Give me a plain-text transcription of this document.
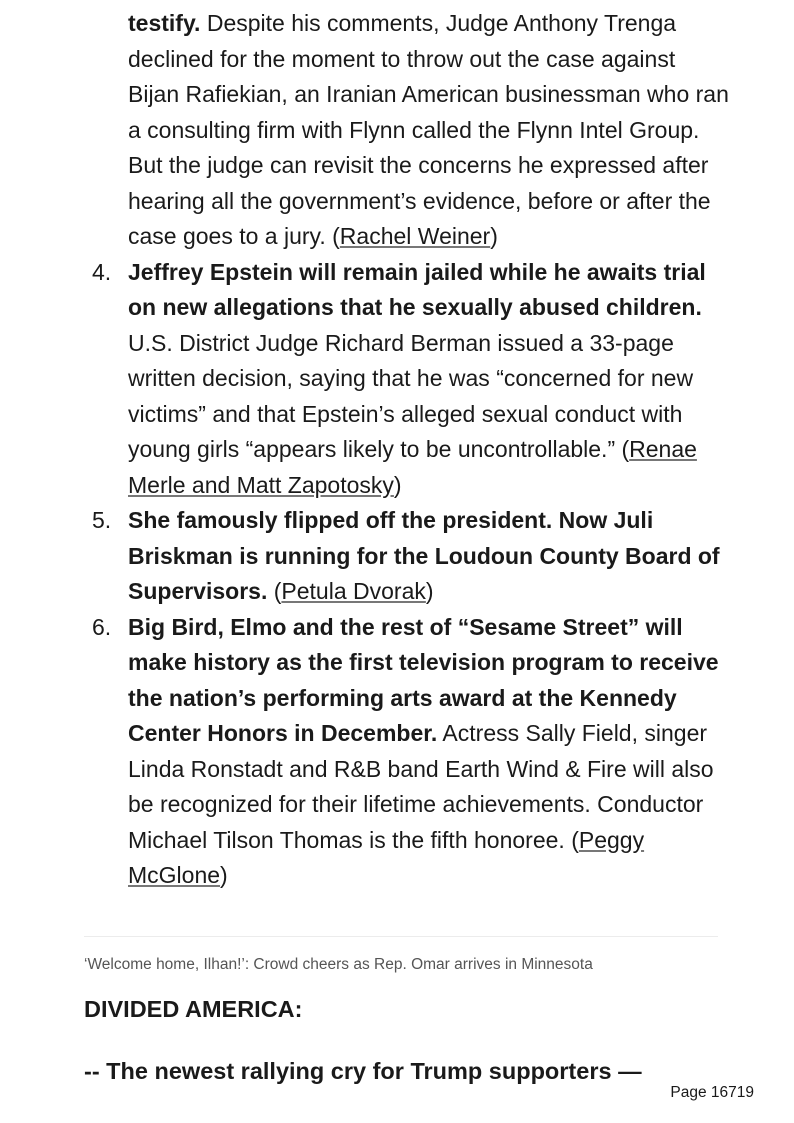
testify. Despite his comments, Judge Anthony Trenga declined for the moment to throw out the case against Bijan Rafiekian, an Iranian American businessman who ran a consulting firm with Flynn called the Flynn Intel Group. But the judge can revisit the concerns he expressed after hearing all the government’s evidence, before or after the case goes to a jury. (Rachel Weiner)
4. Jeffrey Epstein will remain jailed while he awaits trial on new allegations that he sexually abused children. U.S. District Judge Richard Berman issued a 33-page written decision, saying that he was “concerned for new victims” and that Epstein’s alleged sexual conduct with young girls “appears likely to be uncontrollable.” (Renae Merle and Matt Zapotosky)
5. She famously flipped off the president. Now Juli Briskman is running for the Loudoun County Board of Supervisors. (Petula Dvorak)
6. Big Bird, Elmo and the rest of “Sesame Street” will make history as the first television program to receive the nation’s performing arts award at the Kennedy Center Honors in December. Actress Sally Field, singer Linda Ronstadt and R&B band Earth Wind & Fire will also be recognized for their lifetime achievements. Conductor Michael Tilson Thomas is the fifth honoree. (Peggy McGlone)
‘Welcome home, Ilhan!’: Crowd cheers as Rep. Omar arrives in Minnesota
DIVIDED AMERICA:
-- The newest rallying cry for Trump supporters —
Page 16719
